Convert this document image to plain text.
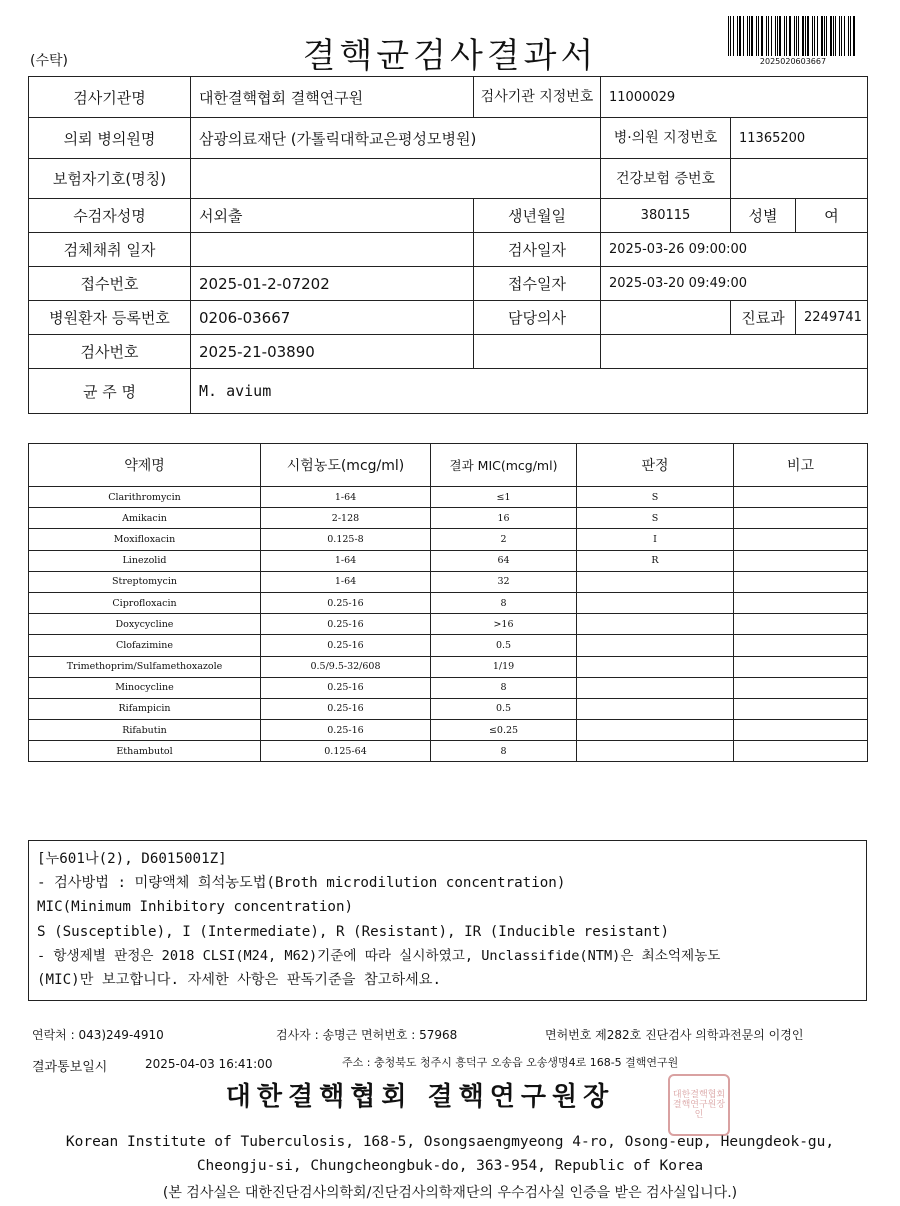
(수탁)	결핵균검사결과서	2025020603667
검사기관명	대한결핵협회 결핵연구원	검사기관 지정번호	11000029		
의뢰 병의원명	삼광의료재단 (가톨릭대학교은평성모병원)		병·의원 지정번호	11365200	
보험자기호(명칭)			건강보험 증번호		
수검자성명	서외출	생년월일	380115	성별	여
검체채취 일자		검사일자	2025-03-26 09:00:00		
접수번호	2025-01-2-07202	접수일자	2025-03-20 09:49:00		
병원환자 등록번호	0206-03667	담당의사		진료과	2249741
검사번호	2025-21-03890				
균 주 명	M. avium				
약제명	시험농도(mcg/ml)	결과 MIC(mcg/ml)	판정	비고
Clarithromycin	1-64	≤1	S	
Amikacin	2-128	16	S	
Moxifloxacin	0.125-8	2	I	
Linezolid	1-64	64	R	
Streptomycin	1-64	32		
Ciprofloxacin	0.25-16	8		
Doxycycline	0.25-16	>16		
Clofazimine	0.25-16	0.5		
Trimethoprim/Sulfamethoxazole	0.5/9.5-32/608	1/19		
Minocycline	0.25-16	8		
Rifampicin	0.25-16	0.5		
Rifabutin	0.25-16	≤0.25		
Ethambutol	0.125-64	8		
[누601나(2), D6015001Z]
- 검사방법 : 미량액체 희석농도법(Broth microdilution concentration)
MIC(Minimum Inhibitory concentration)
S (Susceptible), I (Intermediate), R (Resistant), IR (Inducible resistant)
- 항생제별 판정은 2018 CLSI(M24, M62)기준에 따라 실시하였고, Unclassifide(NTM)은 최소억제농도
(MIC)만 보고합니다. 자세한 사항은 판독기준을 참고하세요.
연락처 : 043)249-4910	검사자 : 송명근 면허번호 : 57968	면허번호 제282호 진단검사 의학과전문의 이경인
결과통보일시	2025-04-03 16:41:00	주소 : 충청북도 청주시 흥덕구 오송읍 오송생명4로 168-5 결핵연구원
대한결핵협회 결핵연구원장	대한결핵협회결핵연구원장인
Korean Institute of Tuberculosis, 168-5, Osongsaengmyeong 4-ro, Osong-eup, Heungdeok-gu,
Cheongju-si, Chungcheongbuk-do, 363-954, Republic of Korea
(본 검사실은 대한진단검사의학회/진단검사의학재단의 우수검사실 인증을 받은 검사실입니다.)
